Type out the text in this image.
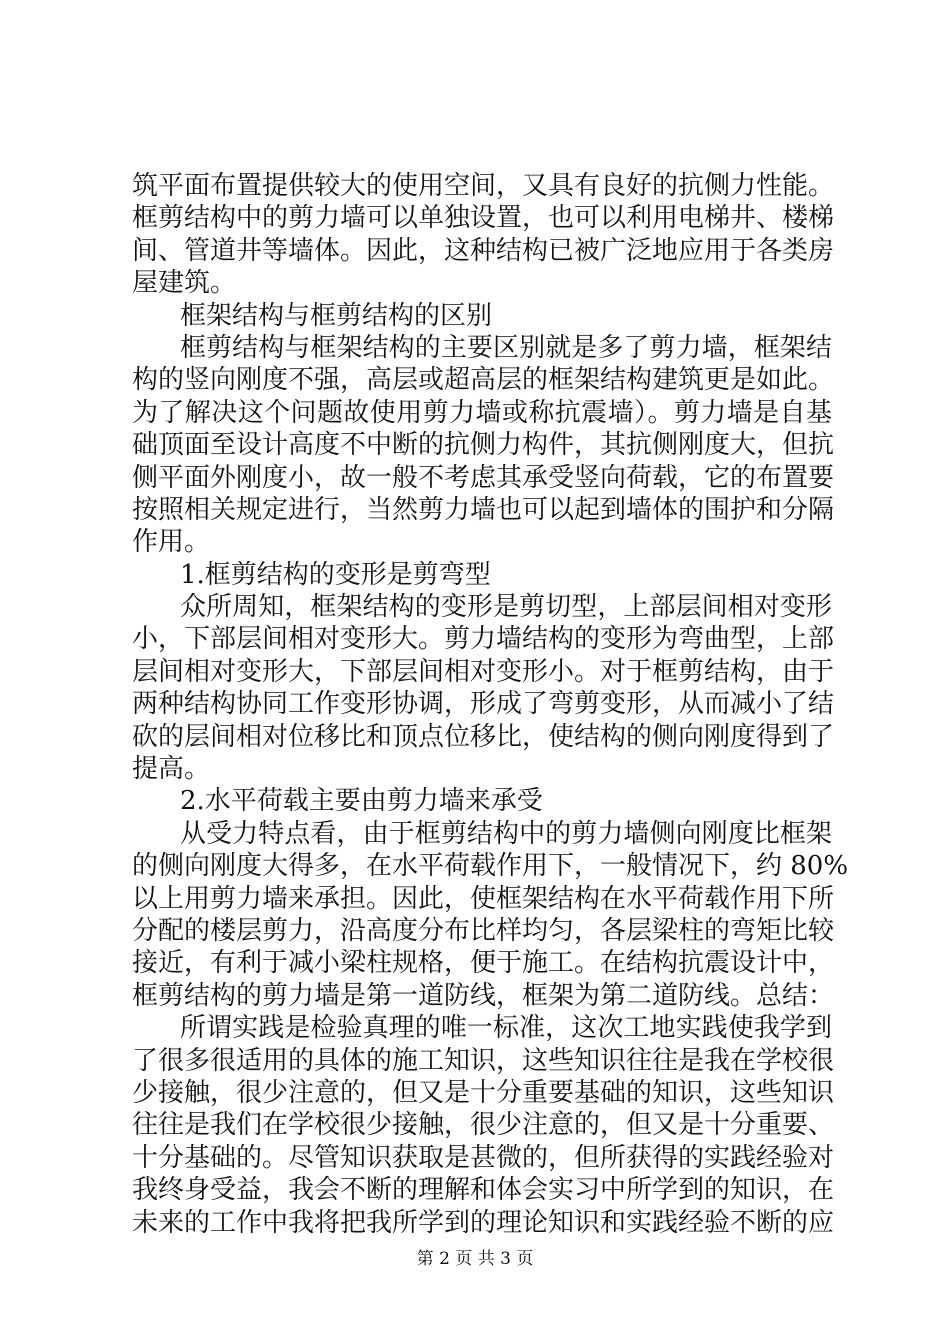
筑平面布置提供较大的使用空间，又具有良好的抗侧力性能。
框剪结构中的剪力墙可以单独设置，也可以利用电梯井、楼梯
间、管道井等墙体。因此，这种结构已被广泛地应用于各类房
屋建筑。
框架结构与框剪结构的区别
框剪结构与框架结构的主要区别就是多了剪力墙，框架结
构的竖向刚度不强，高层或超高层的框架结构建筑更是如此。
为了解决这个问题故使用剪力墙或称抗震墙）。剪力墙是自基
础顶面至设计高度不中断的抗侧力构件，其抗侧刚度大，但抗
侧平面外刚度小，故一般不考虑其承受竖向荷载，它的布置要
按照相关规定进行，当然剪力墙也可以起到墙体的围护和分隔
作用。
1.框剪结构的变形是剪弯型
众所周知，框架结构的变形是剪切型，上部层间相对变形
小，下部层间相对变形大。剪力墙结构的变形为弯曲型，上部
层间相对变形大，下部层间相对变形小。对于框剪结构，由于
两种结构协同工作变形协调，形成了弯剪变形，从而减小了结
砍的层间相对位移比和顶点位移比，使结构的侧向刚度得到了
提高。
2.水平荷载主要由剪力墙来承受
从受力特点看，由于框剪结构中的剪力墙侧向刚度比框架
的侧向刚度大得多，在水平荷载作用下，一般情况下，约 80%
以上用剪力墙来承担。因此，使框架结构在水平荷载作用下所
分配的楼层剪力，沿高度分布比样均匀，各层梁柱的弯矩比较
接近，有利于减小梁柱规格，便于施工。在结构抗震设计中，
框剪结构的剪力墙是第一道防线，框架为第二道防线。总结：
所谓实践是检验真理的唯一标准，这次工地实践使我学到
了很多很适用的具体的施工知识，这些知识往往是我在学校很
少接触，很少注意的，但又是十分重要基础的知识，这些知识
往往是我们在学校很少接触，很少注意的，但又是十分重要、
十分基础的。尽管知识获取是甚微的，但所获得的实践经验对
我终身受益，我会不断的理解和体会实习中所学到的知识，在
未来的工作中我将把我所学到的理论知识和实践经验不断的应
第 2 页 共 3 页
